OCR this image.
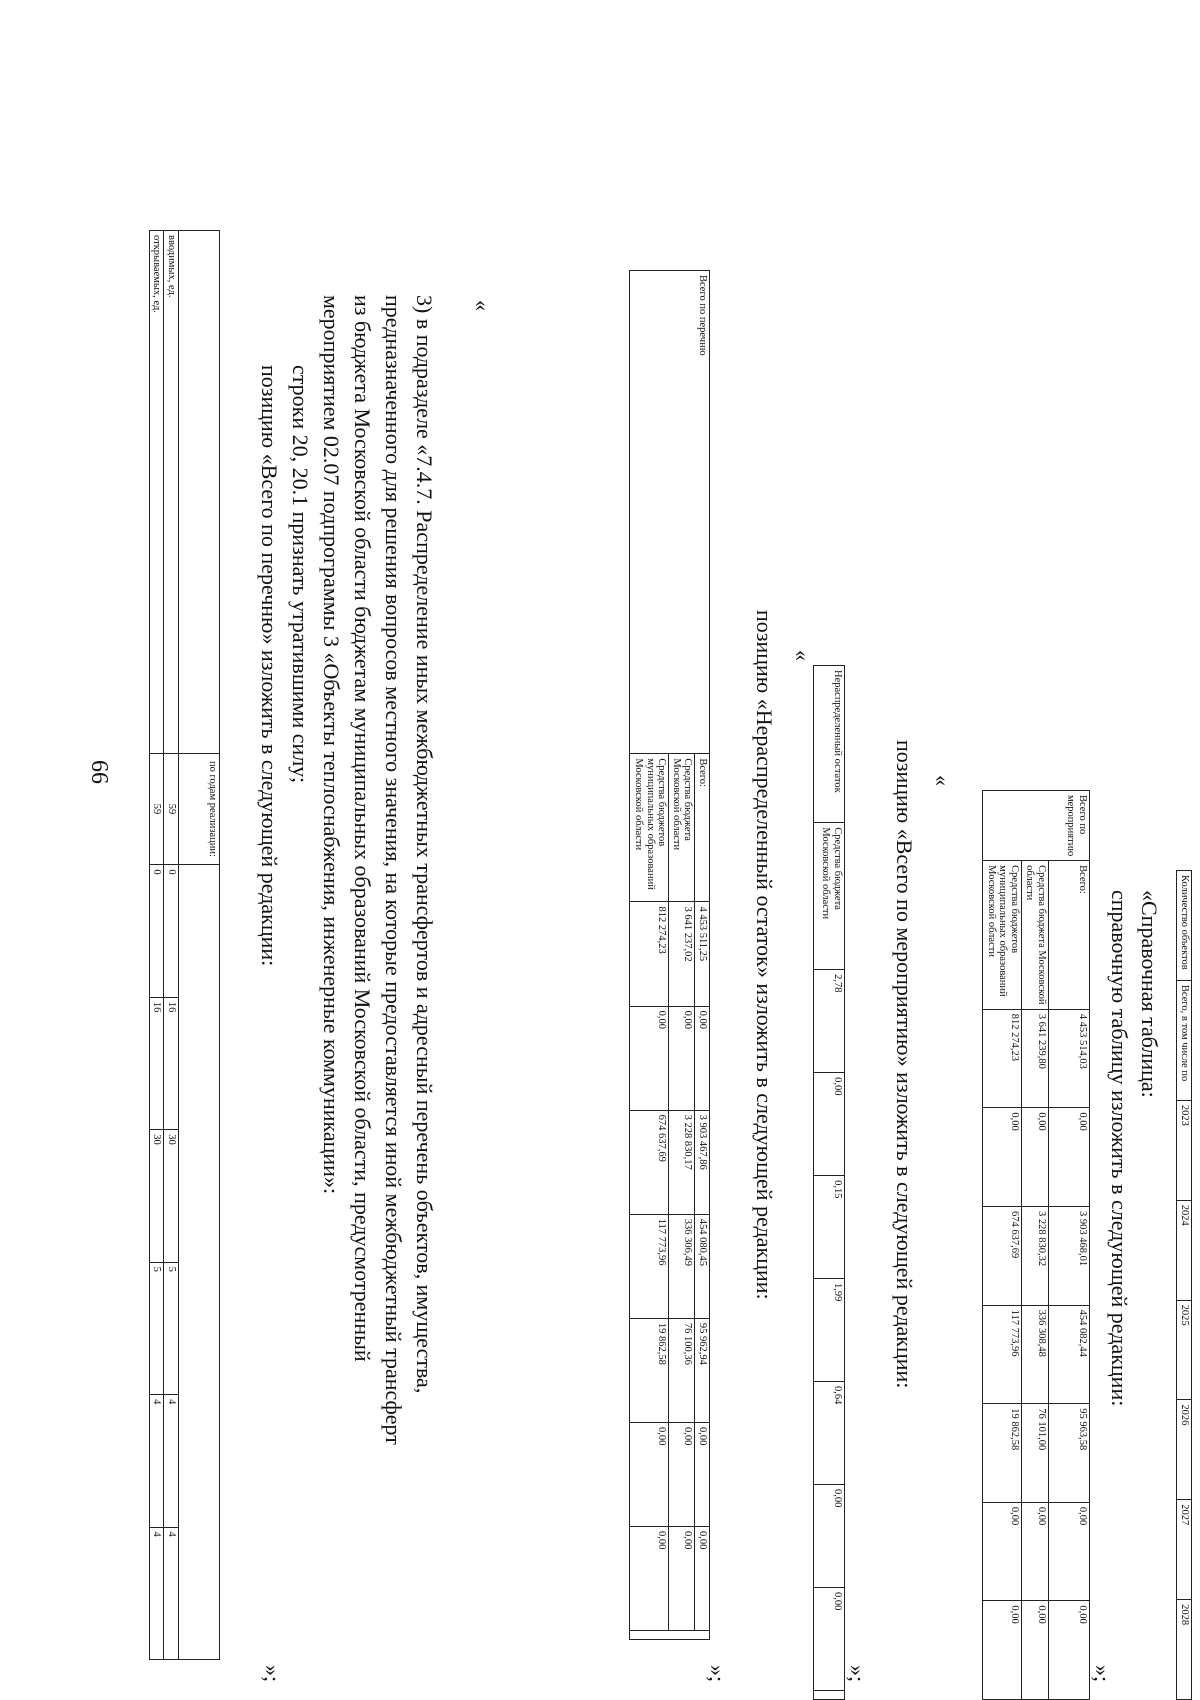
66
		по годам реализации:						
вводимых, ед.	59	0	16	30	5	4	4
открываемых, ед.	59	0	16	30	5	4	4
»;
3) в подразделе «7.4.7. Распределение иных межбюджетных трансфертов и адресный перечень объектов, имущества,
предназначенного для решения вопросов местного значения, на которые предоставляется иной межбюджетный трансферт
из бюджета Московской области бюджетам муниципальных образований Московской области, предусмотренный
мероприятием 02.07 подпрограммы 3 «Объекты теплоснабжения, инженерные коммуникации»:
строки 20, 20.1 признать утратившими силу;
позицию «Всего по перечню» изложить в следующей редакции:
«	Всего по перечню	Всего:	4 453 511,25	0,00	3 903 467,86	454 080,45	95 962,94	0,00	0,00	
	Средства бюджета Московской области	3 641 237,02	0,00	3 228 830,17	336 306,49	76 100,36	0,00	0,00	
	Средства бюджетов муниципальных образований Московской области	812 274,23	0,00	674 637,69	117 773,96	19 862,58	0,00	0,00	
»;
позицию «Нераспределенный остаток» изложить в следующей редакции: «
Нераспределенный остаток	Средства бюджета Московской области	2,78	0,00	0,15	1,99	0,64	0,00	0,00	
»;
позицию «Всего по мероприятию» изложить в следующей редакции: «
Всего по мероприятию	Всего:	4 453 514,03	0,00	3 903 468,01	454 082,44	95 963,58	0,00	0,00
	Средства бюджета Московской области	3 641 239,80	0,00	3 228 830,32	336 308,48	76 101,00	0,00	0,00
	Средства бюджетов муниципальных образований Московской области	812 274,23	0,00	674 637,69	117 773,96	19 862,58	0,00	0,00
»;
справочную таблицу изложить в следующей редакции: «Справочная таблица: Количество объектов	Всего, в том числе по	2023	2024	2025	2026	2027	2028
